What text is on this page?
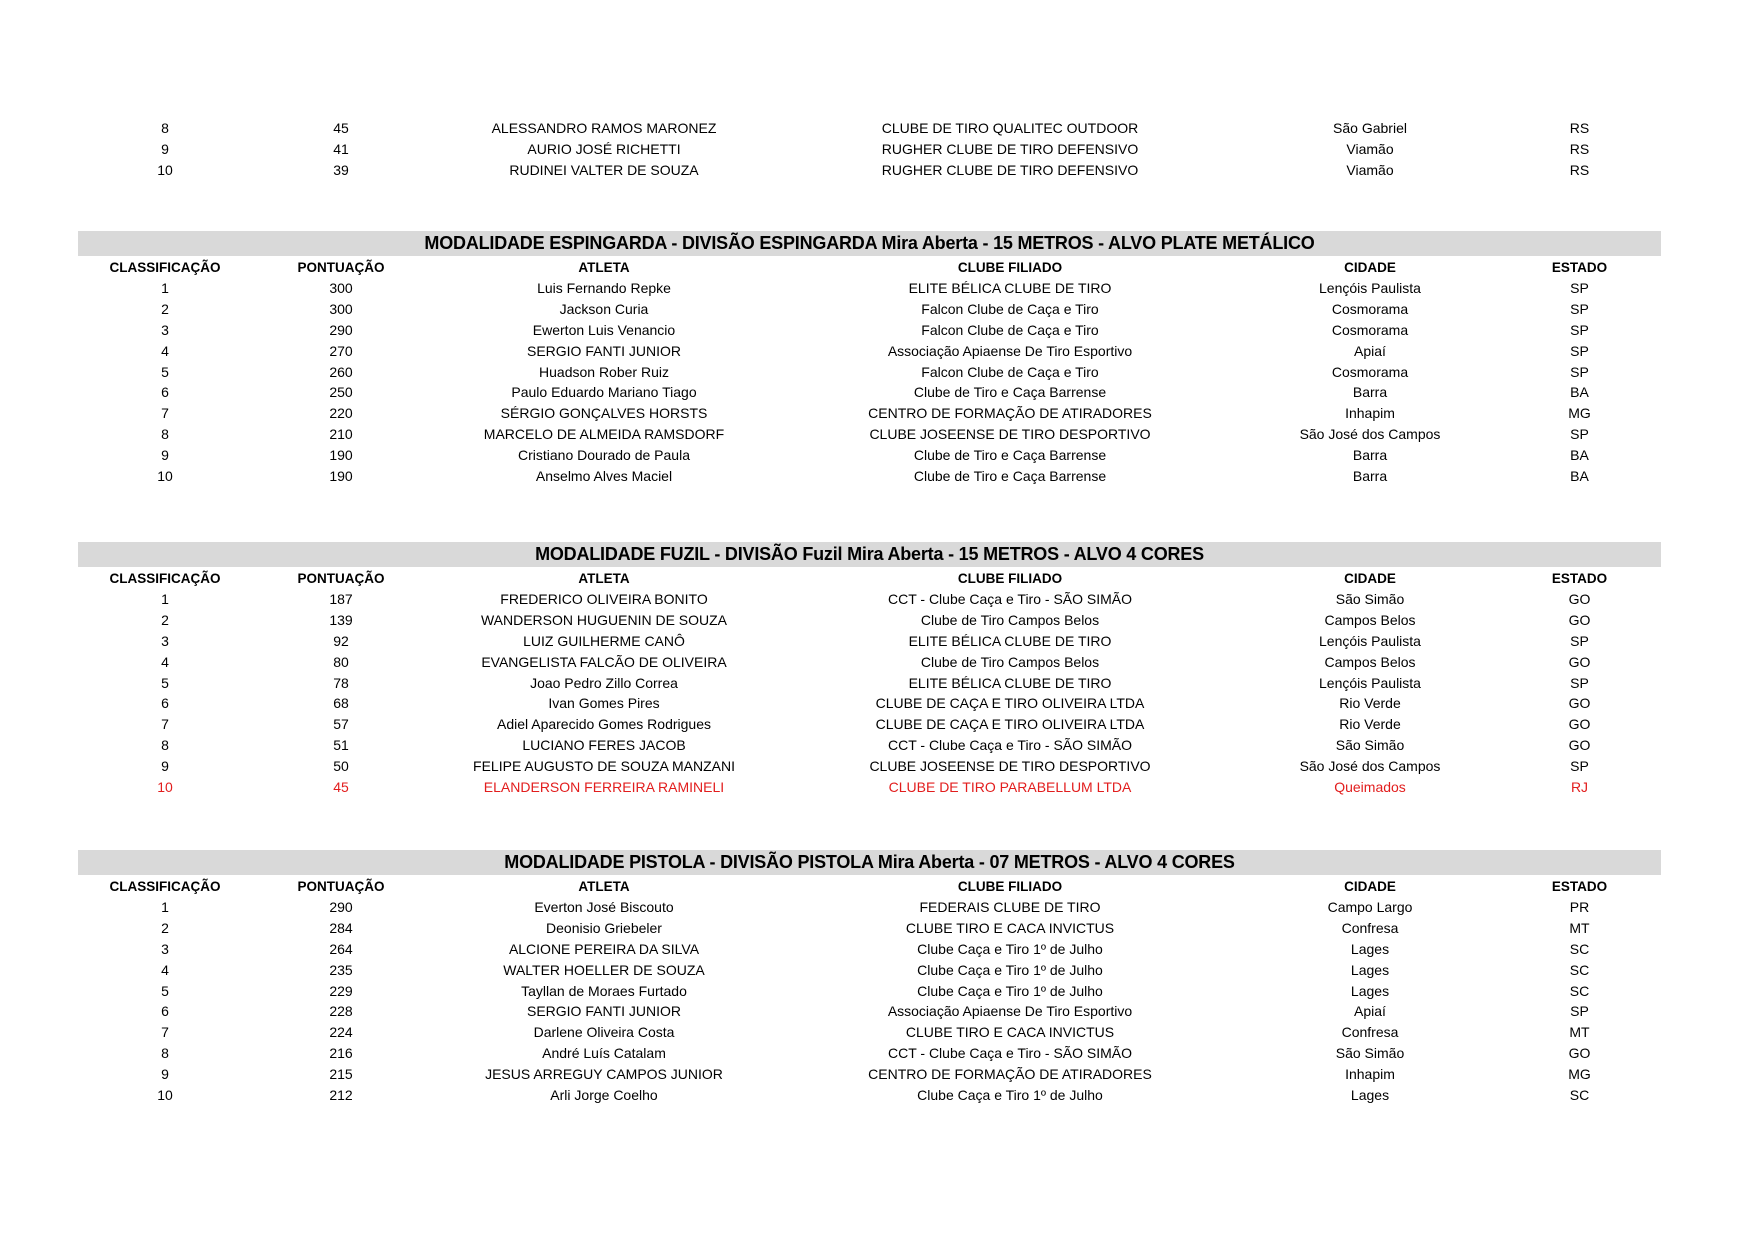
8	45	ALESSANDRO RAMOS MARONEZ	CLUBE DE TIRO QUALITEC OUTDOOR	São Gabriel	RS
9	41	AURIO JOSÉ RICHETTI	RUGHER CLUBE DE TIRO DEFENSIVO	Viamão	RS
10	39	RUDINEI VALTER DE SOUZA	RUGHER CLUBE DE TIRO DEFENSIVO	Viamão	RS
MODALIDADE ESPINGARDA - DIVISÃO ESPINGARDA Mira Aberta - 15 METROS - ALVO PLATE METÁLICO
CLASSIFICAÇÃO	PONTUAÇÃO	ATLETA	CLUBE FILIADO	CIDADE	ESTADO
1	300	Luis Fernando Repke	ELITE BÉLICA CLUBE DE TIRO	Lençóis Paulista	SP
2	300	Jackson Curia	Falcon Clube de Caça e Tiro	Cosmorama	SP
3	290	Ewerton Luis Venancio	Falcon Clube de Caça e Tiro	Cosmorama	SP
4	270	SERGIO FANTI JUNIOR	Associação Apiaense De Tiro Esportivo	Apiaí	SP
5	260	Huadson Rober Ruiz	Falcon Clube de Caça e Tiro	Cosmorama	SP
6	250	Paulo Eduardo Mariano Tiago	Clube de Tiro e Caça Barrense	Barra	BA
7	220	SÉRGIO GONÇALVES HORSTS	CENTRO DE FORMAÇÃO DE ATIRADORES	Inhapim	MG
8	210	MARCELO DE ALMEIDA RAMSDORF	CLUBE JOSEENSE DE TIRO DESPORTIVO	São José dos Campos	SP
9	190	Cristiano Dourado de Paula	Clube de Tiro e Caça Barrense	Barra	BA
10	190	Anselmo Alves Maciel	Clube de Tiro e Caça Barrense	Barra	BA
MODALIDADE FUZIL - DIVISÃO Fuzil Mira Aberta - 15 METROS - ALVO 4 CORES
CLASSIFICAÇÃO	PONTUAÇÃO	ATLETA	CLUBE FILIADO	CIDADE	ESTADO
1	187	FREDERICO OLIVEIRA BONITO	CCT - Clube Caça e Tiro - SÃO SIMÃO	São Simão	GO
2	139	WANDERSON HUGUENIN DE SOUZA	Clube de Tiro Campos Belos	Campos Belos	GO
3	92	LUIZ GUILHERME CANÔ	ELITE BÉLICA CLUBE DE TIRO	Lençóis Paulista	SP
4	80	EVANGELISTA FALCÃO DE OLIVEIRA	Clube de Tiro Campos Belos	Campos Belos	GO
5	78	Joao Pedro Zillo Correa	ELITE BÉLICA CLUBE DE TIRO	Lençóis Paulista	SP
6	68	Ivan Gomes Pires	CLUBE DE CAÇA E TIRO OLIVEIRA LTDA	Rio Verde	GO
7	57	Adiel Aparecido Gomes Rodrigues	CLUBE DE CAÇA E TIRO OLIVEIRA LTDA	Rio Verde	GO
8	51	LUCIANO FERES JACOB	CCT - Clube Caça e Tiro - SÃO SIMÃO	São Simão	GO
9	50	FELIPE AUGUSTO DE SOUZA MANZANI	CLUBE JOSEENSE DE TIRO DESPORTIVO	São José dos Campos	SP
10	45	ELANDERSON FERREIRA RAMINELI	CLUBE DE TIRO PARABELLUM LTDA	Queimados	RJ
MODALIDADE PISTOLA - DIVISÃO PISTOLA Mira Aberta - 07 METROS - ALVO 4 CORES
CLASSIFICAÇÃO	PONTUAÇÃO	ATLETA	CLUBE FILIADO	CIDADE	ESTADO
1	290	Everton José Biscouto	FEDERAIS CLUBE DE TIRO	Campo Largo	PR
2	284	Deonisio Griebeler	CLUBE TIRO E CACA INVICTUS	Confresa	MT
3	264	ALCIONE PEREIRA DA SILVA	Clube Caça e Tiro 1º de Julho	Lages	SC
4	235	WALTER HOELLER DE SOUZA	Clube Caça e Tiro 1º de Julho	Lages	SC
5	229	Tayllan de Moraes Furtado	Clube Caça e Tiro 1º de Julho	Lages	SC
6	228	SERGIO FANTI JUNIOR	Associação Apiaense De Tiro Esportivo	Apiaí	SP
7	224	Darlene Oliveira Costa	CLUBE TIRO E CACA INVICTUS	Confresa	MT
8	216	André Luís Catalam	CCT - Clube Caça e Tiro - SÃO SIMÃO	São Simão	GO
9	215	JESUS ARREGUY CAMPOS JUNIOR	CENTRO DE FORMAÇÃO DE ATIRADORES	Inhapim	MG
10	212	Arli Jorge Coelho	Clube Caça e Tiro 1º de Julho	Lages	SC
